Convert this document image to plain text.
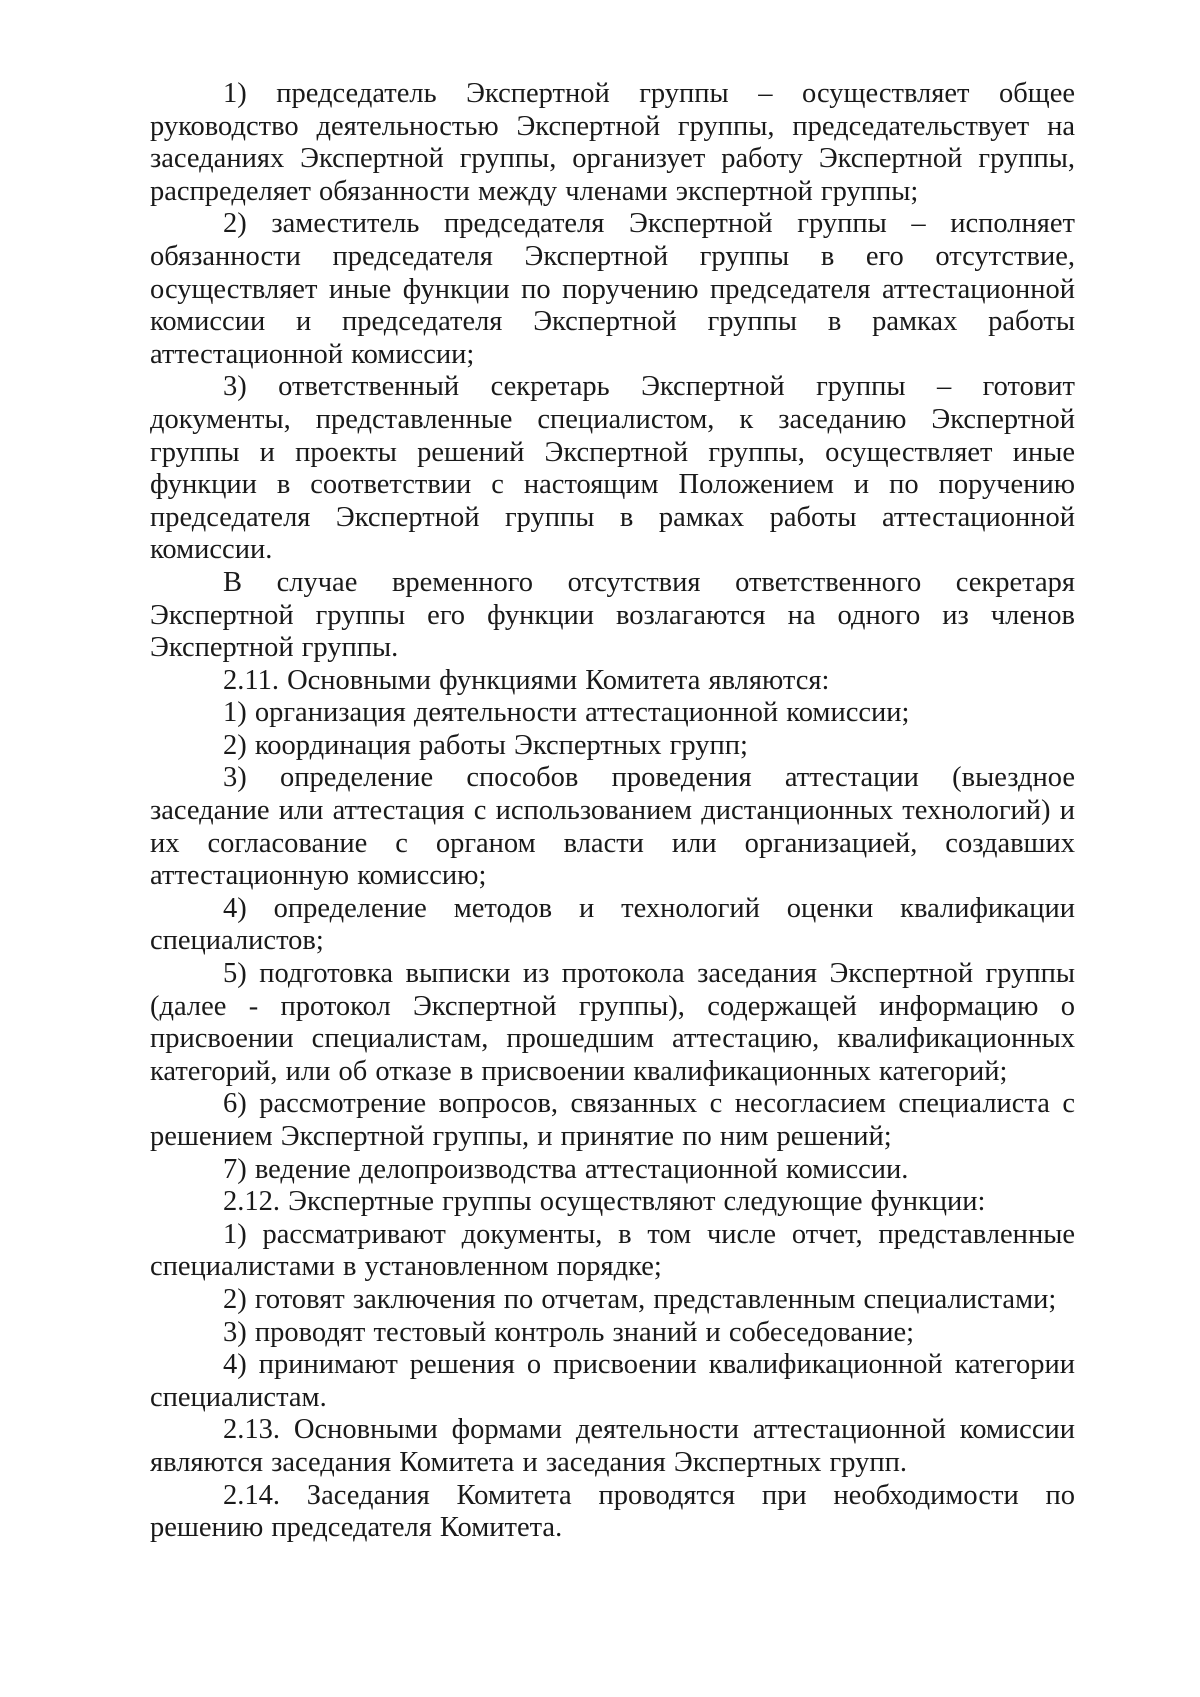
1) председатель Экспертной группы – осуществляет общее руководство деятельностью Экспертной группы, председательствует на заседаниях Экспертной группы, организует работу Экспертной группы, распределяет обязанности между членами экспертной группы;

2) заместитель председателя Экспертной группы – исполняет обязанности председателя Экспертной группы в его отсутствие, осуществляет иные функции по поручению председателя аттестационной комиссии и председателя Экспертной группы в рамках работы аттестационной комиссии;

3) ответственный секретарь Экспертной группы – готовит документы, представленные специалистом, к заседанию Экспертной группы и проекты решений Экспертной группы, осуществляет иные функции в соответствии с настоящим Положением и по поручению председателя Экспертной группы в рамках работы аттестационной комиссии.

В случае временного отсутствия ответственного секретаря Экспертной группы его функции возлагаются на одного из членов Экспертной группы.

2.11. Основными функциями Комитета являются:

1) организация деятельности аттестационной комиссии;

2) координация работы Экспертных групп;

3) определение способов проведения аттестации (выездное заседание или аттестация с использованием дистанционных технологий) и их согласование с органом власти или организацией, создавших аттестационную комиссию;

4) определение методов и технологий оценки квалификации специалистов;

5) подготовка выписки из протокола заседания Экспертной группы (далее - протокол Экспертной группы), содержащей информацию о присвоении специалистам, прошедшим аттестацию, квалификационных категорий, или об отказе в присвоении квалификационных категорий;

6) рассмотрение вопросов, связанных с несогласием специалиста с решением Экспертной группы, и принятие по ним решений;

7) ведение делопроизводства аттестационной комиссии.

2.12. Экспертные группы осуществляют следующие функции:

1) рассматривают документы, в том числе отчет, представленные специалистами в установленном порядке;

2) готовят заключения по отчетам, представленным специалистами;

3) проводят тестовый контроль знаний и собеседование;

4) принимают решения о присвоении квалификационной категории специалистам.

2.13. Основными формами деятельности аттестационной комиссии являются заседания Комитета и заседания Экспертных групп.

2.14. Заседания Комитета проводятся при необходимости по решению председателя Комитета.
